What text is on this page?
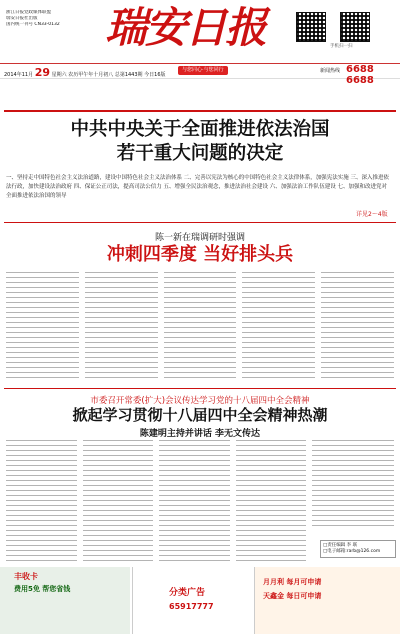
浙江日报党政媒体联盟
瑞安日报社出版
国内统一刊号 CN33-0132	瑞安日报	手机扫一扫
2014年11月 29 星期六 农历甲午年十月初八 总第1443期 今日16版
与您同心·与您同行	新闻热线 6688 6688
中共中央关于全面推进依法治国
若干重大问题的决定
一、坚持走中国特色社会主义法治道路，建设中国特色社会主义法治体系 二、完善以宪法为核心的中国特色社会主义法律体系，加强宪法实施 三、深入推进依法行政，加快建设法治政府 四、保证公正司法，提高司法公信力 五、增强全民法治观念，推进法治社会建设 六、加强法治工作队伍建设 七、加强和改进党对全面推进依法治国的领导
详见2～4版
陈一新在瑞调研时强调
冲刺四季度 当好排头兵
市委召开常委(扩大)会议传达学习党的十八届四中全会精神
掀起学习贯彻十八届四中全会精神热潮
陈建明主持并讲话 李无文传达
□责任编辑 李 联
□电子邮箱:rarb@126.com
丰收卡
费用5免 帮您省钱	分类广告
65917777
月月利 每月可申请
天鑫金 每日可申请
